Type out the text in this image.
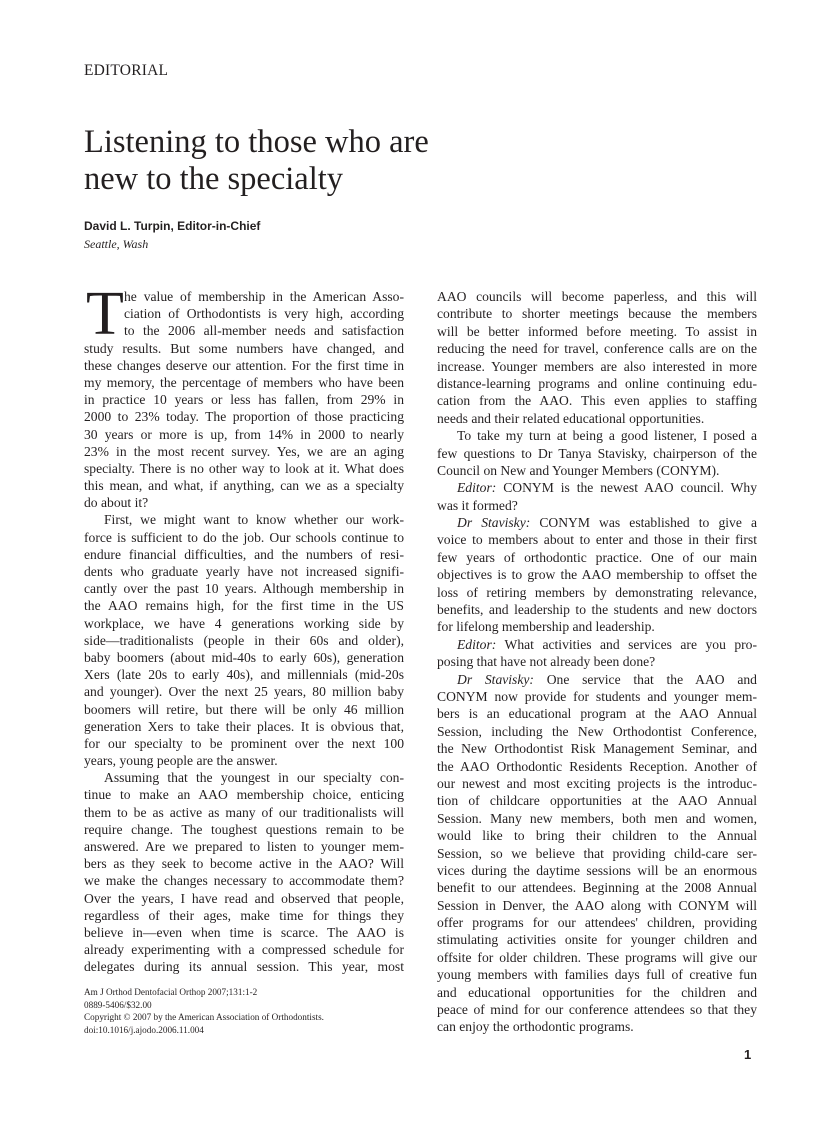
EDITORIAL
Listening to those who are
new to the specialty
David L. Turpin, Editor-in-Chief
Seattle, Wash
T he value of membership in the American Asso-
ciation of Orthodontists is very high, according
to the 2006 all-member needs and satisfaction
study results. But some numbers have changed, and
these changes deserve our attention. For the first time in
my memory, the percentage of members who have been
in practice 10 years or less has fallen, from 29% in
2000 to 23% today. The proportion of those practicing
30 years or more is up, from 14% in 2000 to nearly
23% in the most recent survey. Yes, we are an aging
specialty. There is no other way to look at it. What does
this mean, and what, if anything, can we as a specialty
do about it?
First, we might want to know whether our work-
force is sufficient to do the job. Our schools continue to
endure financial difficulties, and the numbers of resi-
dents who graduate yearly have not increased signifi-
cantly over the past 10 years. Although membership in
the AAO remains high, for the first time in the US
workplace, we have 4 generations working side by
side—traditionalists (people in their 60s and older),
baby boomers (about mid-40s to early 60s), generation
Xers (late 20s to early 40s), and millennials (mid-20s
and younger). Over the next 25 years, 80 million baby
boomers will retire, but there will be only 46 million
generation Xers to take their places. It is obvious that,
for our specialty to be prominent over the next 100
years, young people are the answer.
Assuming that the youngest in our specialty con-
tinue to make an AAO membership choice, enticing
them to be as active as many of our traditionalists will
require change. The toughest questions remain to be
answered. Are we prepared to listen to younger mem-
bers as they seek to become active in the AAO? Will
we make the changes necessary to accommodate them?
Over the years, I have read and observed that people,
regardless of their ages, make time for things they
believe in—even when time is scarce. The AAO is
already experimenting with a compressed schedule for
delegates during its annual session. This year, most
AAO councils will become paperless, and this will
contribute to shorter meetings because the members
will be better informed before meeting. To assist in
reducing the need for travel, conference calls are on the
increase. Younger members are also interested in more
distance-learning programs and online continuing edu-
cation from the AAO. This even applies to staffing
needs and their related educational opportunities.
To take my turn at being a good listener, I posed a
few questions to Dr Tanya Stavisky, chairperson of the
Council on New and Younger Members (CONYM).
Editor: CONYM is the newest AAO council. Why
was it formed?
Dr Stavisky: CONYM was established to give a
voice to members about to enter and those in their first
few years of orthodontic practice. One of our main
objectives is to grow the AAO membership to offset the
loss of retiring members by demonstrating relevance,
benefits, and leadership to the students and new doctors
for lifelong membership and leadership.
Editor: What activities and services are you pro-
posing that have not already been done?
Dr Stavisky: One service that the AAO and
CONYM now provide for students and younger mem-
bers is an educational program at the AAO Annual
Session, including the New Orthodontist Conference,
the New Orthodontist Risk Management Seminar, and
the AAO Orthodontic Residents Reception. Another of
our newest and most exciting projects is the introduc-
tion of childcare opportunities at the AAO Annual
Session. Many new members, both men and women,
would like to bring their children to the Annual
Session, so we believe that providing child-care ser-
vices during the daytime sessions will be an enormous
benefit to our attendees. Beginning at the 2008 Annual
Session in Denver, the AAO along with CONYM will
offer programs for our attendees' children, providing
stimulating activities onsite for younger children and
offsite for older children. These programs will give our
young members with families days full of creative fun
and educational opportunities for the children and
peace of mind for our conference attendees so that they
can enjoy the orthodontic programs.
Am J Orthod Dentofacial Orthop 2007;131:1-2
0889-5406/$32.00
Copyright © 2007 by the American Association of Orthodontists.
doi:10.1016/j.ajodo.2006.11.004
1
